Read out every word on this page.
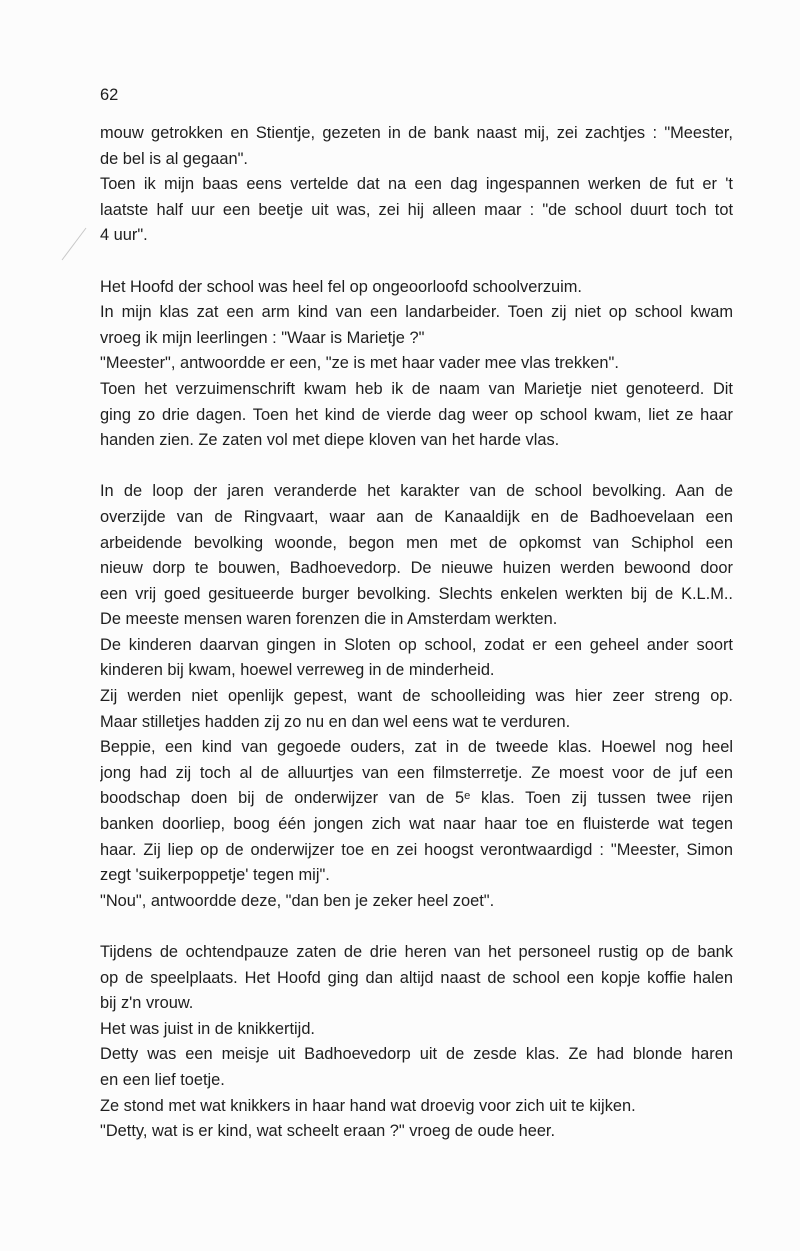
62
mouw getrokken en Stientje, gezeten in de bank naast mij, zei zachtjes : "Meester,
de bel is al gegaan".
Toen ik mijn baas eens vertelde dat na een dag ingespannen werken de fut er 't
laatste half uur een beetje uit was, zei hij alleen maar : "de school duurt toch tot
4 uur".
Het Hoofd der school was heel fel op ongeoorloofd schoolverzuim.
In mijn klas zat een arm kind van een landarbeider. Toen zij niet op school kwam
vroeg ik mijn leerlingen : "Waar is Marietje ?"
"Meester", antwoordde er een, "ze is met haar vader mee vlas trekken".
Toen het verzuimenschrift kwam heb ik de naam van Marietje niet genoteerd. Dit
ging zo drie dagen. Toen het kind de vierde dag weer op school kwam, liet ze haar
handen zien. Ze zaten vol met diepe kloven van het harde vlas.
In de loop der jaren veranderde het karakter van de school bevolking. Aan de
overzijde van de Ringvaart, waar aan de Kanaaldijk en de Badhoevelaan een
arbeidende bevolking woonde, begon men met de opkomst van Schiphol een
nieuw dorp te bouwen, Badhoevedorp. De nieuwe huizen werden bewoond door
een vrij goed gesitueerde burger bevolking. Slechts enkelen werkten bij de K.L.M..
De meeste mensen waren forenzen die in Amsterdam werkten.
De kinderen daarvan gingen in Sloten op school, zodat er een geheel ander soort
kinderen bij kwam, hoewel verreweg in de minderheid.
Zij werden niet openlijk gepest, want de schoolleiding was hier zeer streng op.
Maar stilletjes hadden zij zo nu en dan wel eens wat te verduren.
Beppie, een kind van gegoede ouders, zat in de tweede klas. Hoewel nog heel
jong had zij toch al de alluurtjes van een filmsterretje. Ze moest voor de juf een
boodschap doen bij de onderwijzer van de 5ᵉ klas. Toen zij tussen twee rijen
banken doorliep, boog één jongen zich wat naar haar toe en fluisterde wat tegen
haar. Zij liep op de onderwijzer toe en zei hoogst verontwaardigd : "Meester, Simon
zegt 'suikerpoppetje' tegen mij".
"Nou", antwoordde deze, "dan ben je zeker heel zoet".
Tijdens de ochtendpauze zaten de drie heren van het personeel rustig op de bank
op de speelplaats. Het Hoofd ging dan altijd naast de school een kopje koffie halen
bij z'n vrouw.
Het was juist in de knikkertijd.
Detty was een meisje uit Badhoevedorp uit de zesde klas. Ze had blonde haren
en een lief toetje.
Ze stond met wat knikkers in haar hand wat droevig voor zich uit te kijken.
"Detty, wat is er kind, wat scheelt eraan ?" vroeg de oude heer.
